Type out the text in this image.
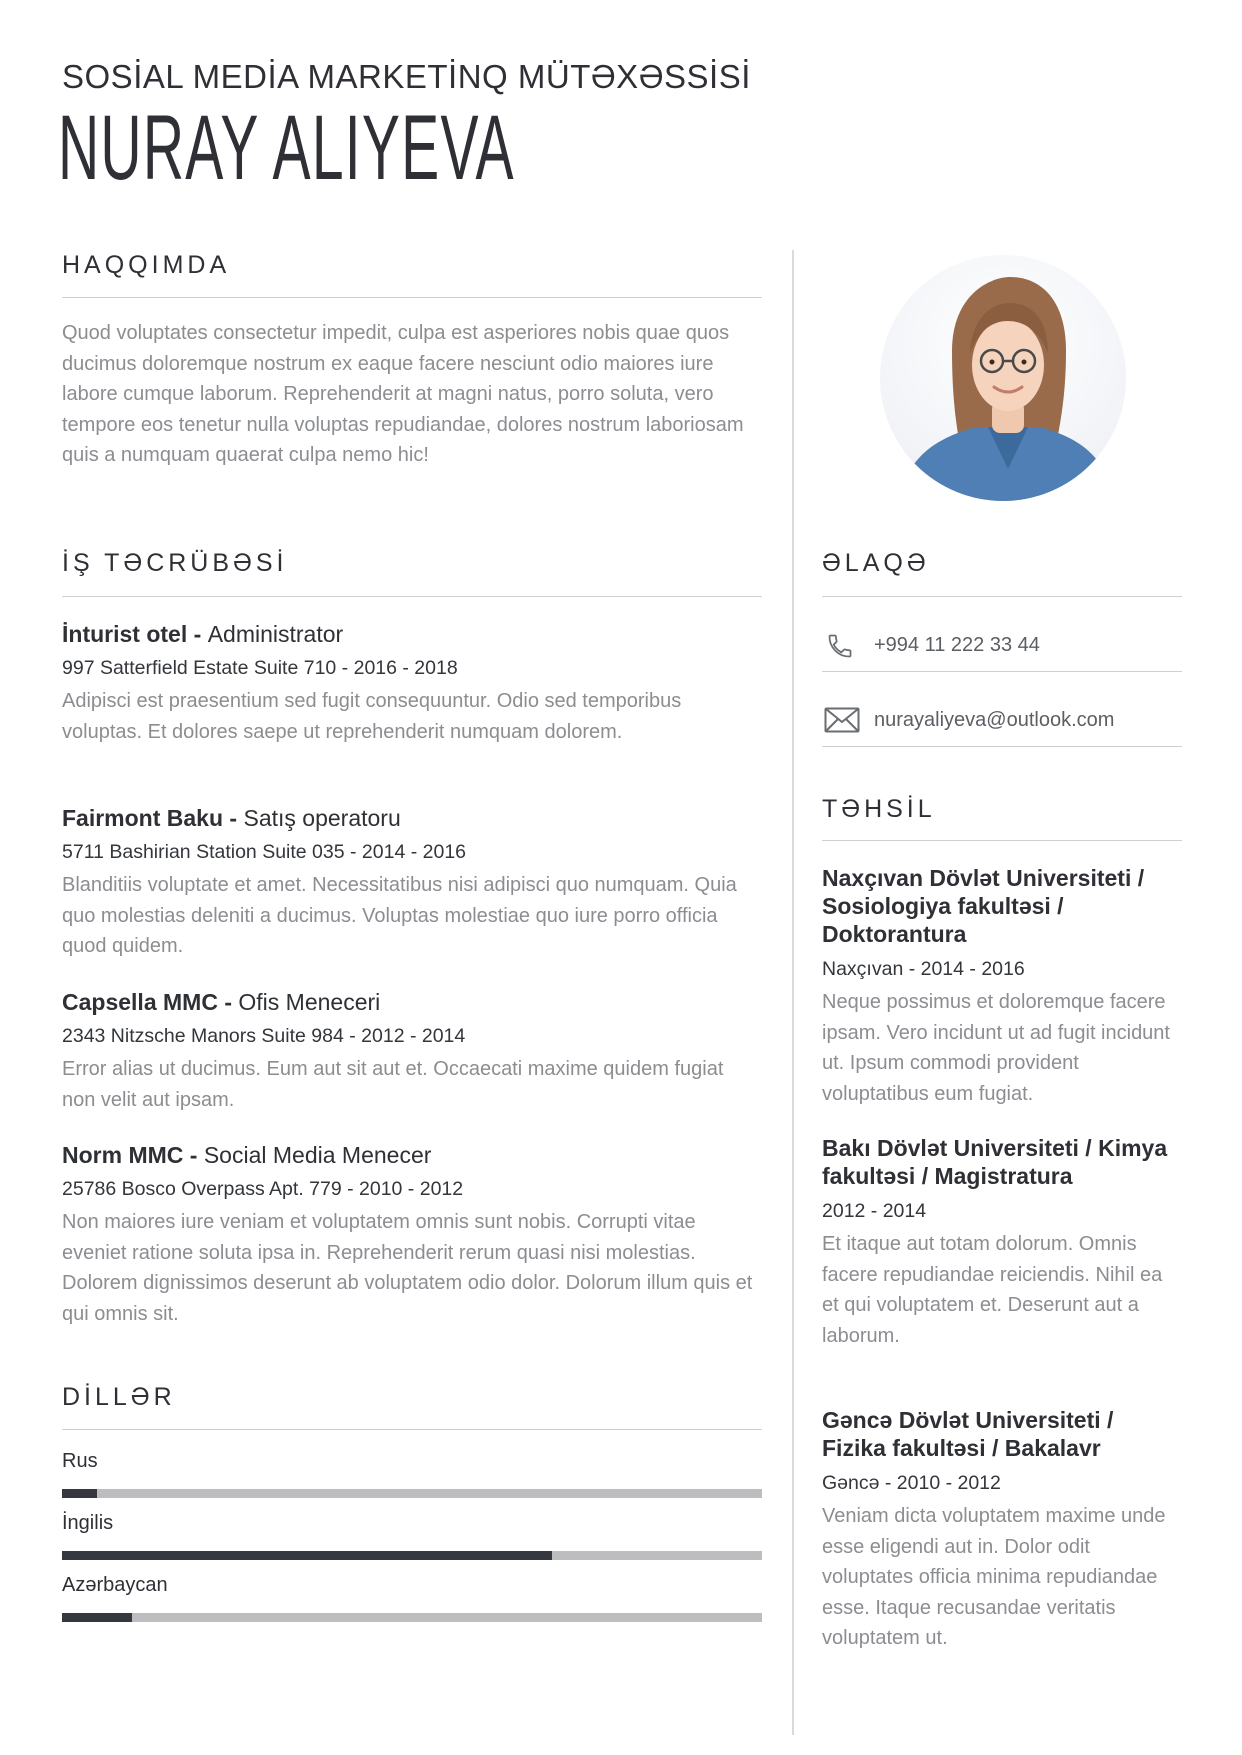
SOSİAL MEDİA MARKETİNQ MÜTƏXƏSSİSİ
NURAY ALIYEVA
HAQQIMDA
Quod voluptates consectetur impedit, culpa est asperiores nobis quae quos ducimus doloremque nostrum ex eaque facere nesciunt odio maiores iure labore cumque laborum. Reprehenderit at magni natus, porro soluta, vero tempore eos tenetur nulla voluptas repudiandae, dolores nostrum laboriosam quis a numquam quaerat culpa nemo hic!
İŞ TƏCRÜBƏSİ
İnturist otel - Administrator
997 Satterfield Estate Suite 710 - 2016 - 2018
Adipisci est praesentium sed fugit consequuntur. Odio sed temporibus voluptas. Et dolores saepe ut reprehenderit numquam dolorem.
Fairmont Baku - Satış operatoru
5711 Bashirian Station Suite 035 - 2014 - 2016
Blanditiis voluptate et amet. Necessitatibus nisi adipisci quo numquam. Quia quo molestias deleniti a ducimus. Voluptas molestiae quo iure porro officia quod quidem.
Capsella MMC - Ofis Meneceri
2343 Nitzsche Manors Suite 984 - 2012 - 2014
Error alias ut ducimus. Eum aut sit aut et. Occaecati maxime quidem fugiat non velit aut ipsam.
Norm MMC - Social Media Menecer
25786 Bosco Overpass Apt. 779 - 2010 - 2012
Non maiores iure veniam et voluptatem omnis sunt nobis. Corrupti vitae eveniet ratione soluta ipsa in. Reprehenderit rerum quasi nisi molestias. Dolorem dignissimos deserunt ab voluptatem odio dolor. Dolorum illum quis et qui omnis sit.
DİLLƏR
Rus
İngilis
Azərbaycan
ƏLAQƏ
+994 11 222 33 44
nurayaliyeva@outlook.com
TƏHSİL
Naxçıvan Dövlət Universiteti / Sosiologiya fakultəsi / Doktorantura
Naxçıvan - 2014 - 2016
Neque possimus et doloremque facere ipsam. Vero incidunt ut ad fugit incidunt ut. Ipsum commodi provident voluptatibus eum fugiat.
Bakı Dövlət Universiteti / Kimya fakultəsi / Magistratura
2012 - 2014
Et itaque aut totam dolorum. Omnis facere repudiandae reiciendis. Nihil ea et qui voluptatem et. Deserunt aut a laborum.
Gəncə Dövlət Universiteti / Fizika fakultəsi / Bakalavr
Gəncə - 2010 - 2012
Veniam dicta voluptatem maxime unde esse eligendi aut in. Dolor odit voluptates officia minima repudiandae esse. Itaque recusandae veritatis voluptatem ut.
